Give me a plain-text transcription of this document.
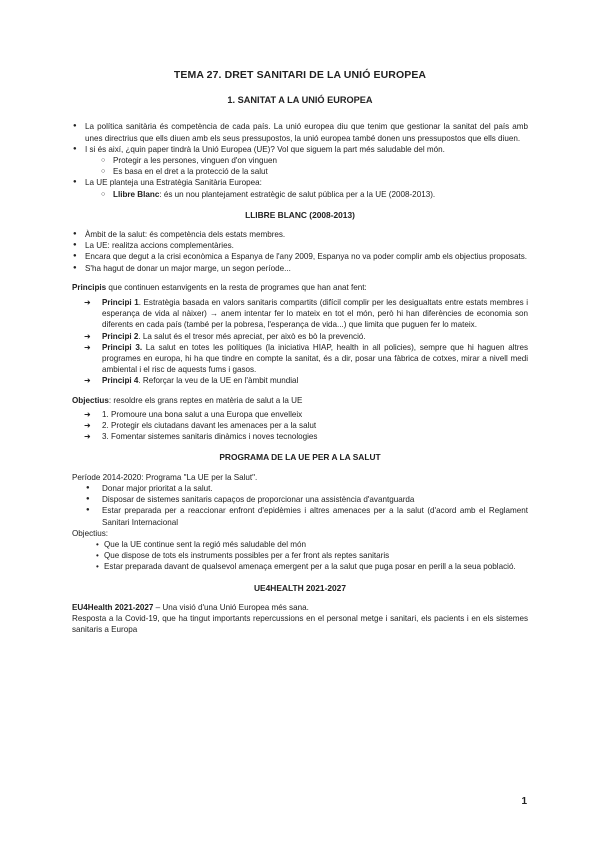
TEMA 27. DRET SANITARI DE LA UNIÓ EUROPEA
1. SANITAT A LA UNIÓ EUROPEA
● La política sanitària és competència de cada país. La unió europea diu que tenim que gestionar la sanitat del país amb unes directrius que ells diuen amb els seus pressupostos, la unió europea també donen uns pressupostos que ells diuen.
● I si és així, ¿quin paper tindrà la Unió Europea (UE)? Vol que siguem la part més saludable del món.
○ Protegir a les persones, vinguen d'on vinguen
○ Es basa en el dret a la protecció de la salut
● La UE planteja una Estratègia Sanitària Europea:
○ Llibre Blanc: és un nou plantejament estratègic de salut pública per a la UE (2008-2013).
LLIBRE BLANC (2008-2013)
● Àmbit de la salut: és competència dels estats membres.
● La UE: realitza accions complementàries.
● Encara que degut a la crisi econòmica a Espanya de l'any 2009, Espanya no va poder complir amb els objectius proposats.
● S'ha hagut de donar un major marge, un segon període...

Principis que continuen estanvigents en la resta de programes que han anat fent:

➜ Principi 1. Estratègia basada en valors sanitaris compartits (difícil complir per les desigualtats entre estats membres i esperança de vida al nàixer) → anem intentar fer lo mateix en tot el món, però hi han diferències de economia son diferents en cada país (també per la pobresa, l'esperança de vida...) que limita que puguen fer lo mateix.
➜ Principi 2. La salut és el tresor més apreciat, per això es bò la prevenció.
➜ Principi 3. La salut en totes les polítiques (la iniciativa HIAP, health in all policies), sempre que hi haguen altres programes en europa, hi ha que tindre en compte la sanitat, és a dir, posar una fàbrica de cotxes, mirar a nivell medi ambiental i el risc de aquests fums i gasos.
➜ Principi 4. Reforçar la veu de la UE en l'àmbit mundial

Objectius: resoldre els grans reptes en matèria de salut a la UE

➜ 1. Promoure una bona salut a una Europa que envelleix
➜ 2. Protegir els ciutadans davant les amenaces per a la salut
➜ 3. Fomentar sistemes sanitaris dinàmics i noves tecnologies
PROGRAMA DE LA UE PER A LA SALUT

Període 2014-2020: Programa "La UE per la Salut".

● Donar major prioritat a la salut.
● Disposar de sistemes sanitaris capaços de proporcionar una assistència d'avantguarda
● Estar preparada per a reaccionar enfront d'epidèmies i altres amenaces per a la salut (d'acord amb el Reglament Sanitari Internacional

Objectius:

• Que la UE continue sent la regió més saludable del món
• Que dispose de tots els instruments possibles per a fer front als reptes sanitaris
• Estar preparada davant de qualsevol amenaça emergent per a la salut que puga posar en perill a la seua població.
UE4HEALTH 2021-2027

EU4Health 2021-2027 – Una visió d'una Unió Europea més sana.

Resposta a la Covid-19, que ha tingut importants repercussions en el personal metge i sanitari, els pacients i en els sistemes sanitaris a Europa

1
